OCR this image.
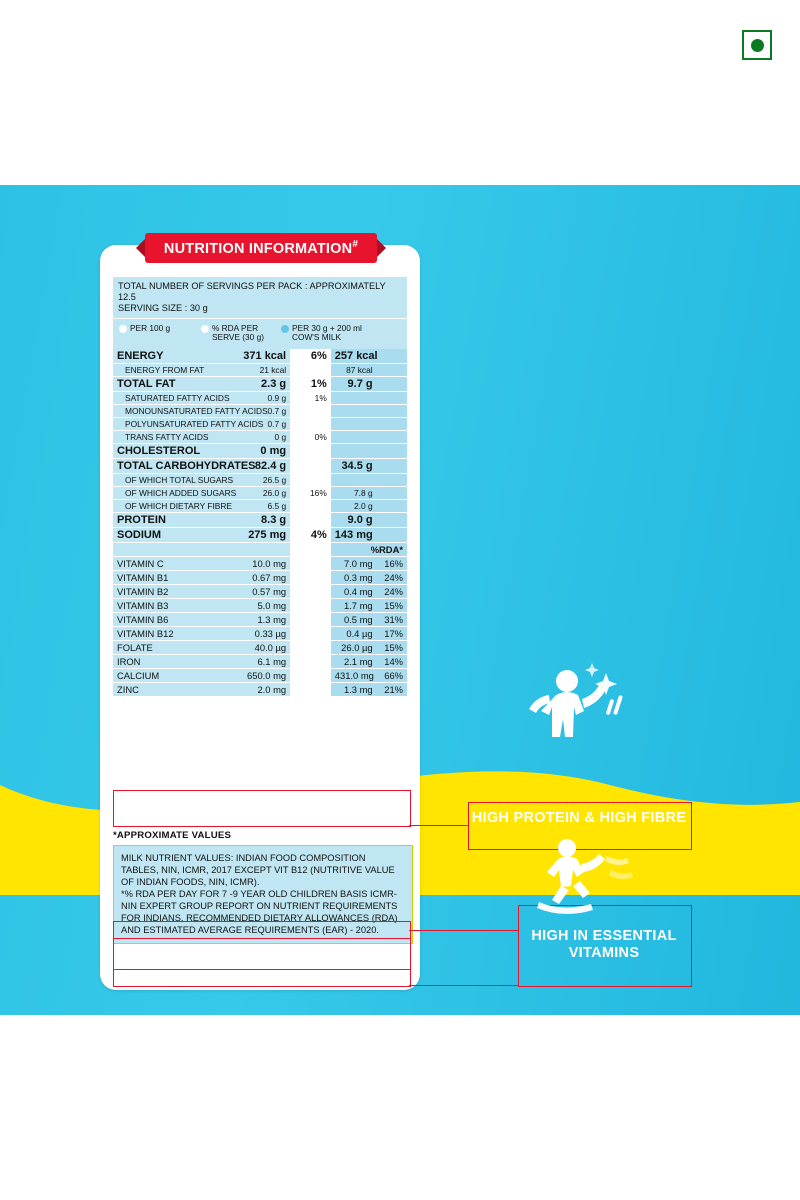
NUTRITION INFORMATION#
TOTAL NUMBER OF SERVINGS PER PACK : APPROXIMATELY 12.5
SERVING SIZE : 30 g
PER 100 g	% RDA PER SERVE (30 g)
PER 30 g + 200 ml COW'S MILK
ENERGY	371 kcal	6%	257 kcal	
ENERGY FROM FAT	21 kcal		87 kcal	
TOTAL FAT	2.3 g	1%	9.7 g	
SATURATED FATTY ACIDS	0.9 g	1%		
MONOUNSATURATED FATTY ACIDS	0.7 g			
POLYUNSATURATED FATTY ACIDS	0.7 g			
TRANS FATTY ACIDS	0 g	0%		
CHOLESTEROL	0 mg			
TOTAL CARBOHYDRATES	82.4 g		34.5 g	
OF WHICH TOTAL SUGARS	26.5 g			
OF WHICH ADDED SUGARS	26.0 g	16%	7.8 g	
OF WHICH DIETARY FIBRE	6.5 g		2.0 g	
PROTEIN	8.3 g		9.0 g	
SODIUM	275 mg	4%	143 mg	
			%RDA*	
VITAMIN C	10.0 mg		7.0 mg	16%
VITAMIN B1	0.67 mg		0.3 mg	24%
VITAMIN B2	0.57 mg		0.4 mg	24%
VITAMIN B3	5.0 mg		1.7 mg	15%
VITAMIN B6	1.3 mg		0.5 mg	31%
VITAMIN B12	0.33 µg		0.4 µg	17%
FOLATE	40.0 µg		26.0 µg	15%
IRON	6.1 mg		2.1 mg	14%
CALCIUM	650.0 mg		431.0 mg	66%
ZINC	2.0 mg		1.3 mg	21%
*APPROXIMATE VALUES
MILK NUTRIENT VALUES: INDIAN FOOD COMPOSITION TABLES, NIN, ICMR, 2017 EXCEPT VIT B12 (NUTRITIVE VALUE OF INDIAN FOODS, NIN, ICMR).
*% RDA PER DAY FOR 7 -9 YEAR OLD CHILDREN BASIS ICMR-NIN EXPERT GROUP REPORT ON NUTRIENT REQUIREMENTS FOR INDIANS, RECOMMENDED DIETARY ALLOWANCES (RDA) AND ESTIMATED AVERAGE REQUIREMENTS (EAR) - 2020.
HIGH PROTEIN & HIGH FIBRE
HIGH IN ESSENTIAL VITAMINS
